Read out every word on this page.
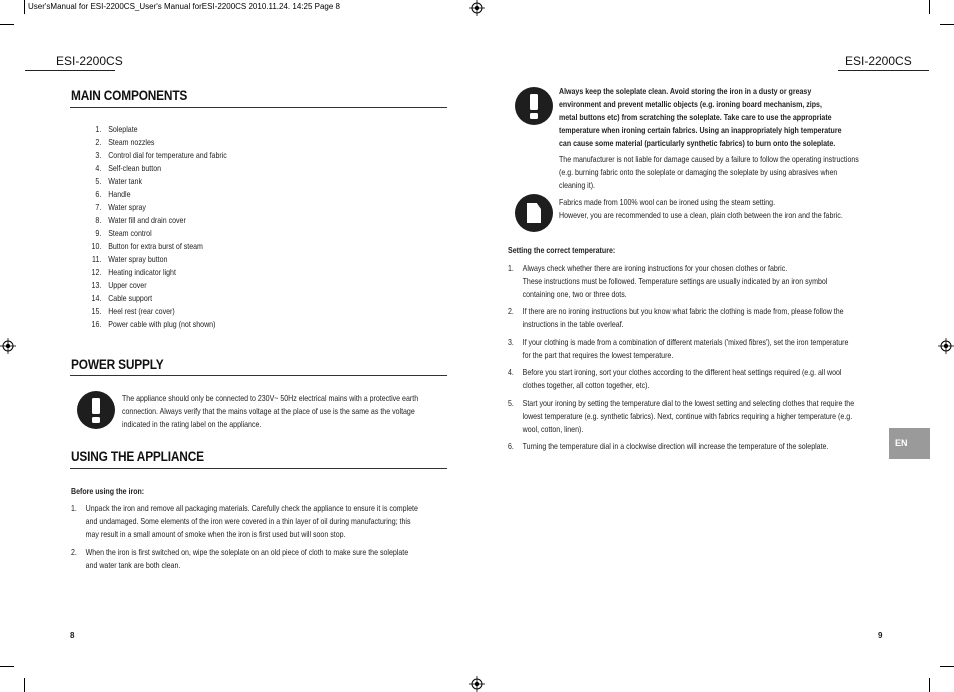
User'sManual for ESI-2200CS_User's Manual forESI-2200CS 2010.11.24. 14:25 Page 8
ESI-2200CS
MAIN COMPONENTS
1. Soleplate
2. Steam nozzles
3. Control dial for temperature and fabric
4. Self-clean button
5. Water tank
6. Handle
7. Water spray
8. Water fill and drain cover
9. Steam control
10. Button for extra burst of steam
11. Water spray button
12. Heating indicator light
13. Upper cover
14. Cable support
15. Heel rest (rear cover)
16. Power cable with plug (not shown)
POWER SUPPLY
The appliance should only be connected to 230V~ 50Hz electrical mains with a protective earth
connection. Always verify that the mains voltage at the place of use is the same as the voltage
indicated in the rating label on the appliance.
USING THE APPLIANCE
Before using the iron:
1. Unpack the iron and remove all packaging materials. Carefully check the appliance to ensure it is complete
and undamaged. Some elements of the iron were covered in a thin layer of oil during manufacturing; this
may result in a small amount of smoke when the iron is first used but will soon stop.
2. When the iron is first switched on, wipe the soleplate on an old piece of cloth to make sure the soleplate
and water tank are both clean.
8
ESI-2200CS
Always keep the soleplate clean. Avoid storing the iron in a dusty or greasy
environment and prevent metallic objects (e.g. ironing board mechanism, zips,
metal buttons etc) from scratching the soleplate. Take care to use the appropriate
temperature when ironing certain fabrics. Using an inappropriately high temperature
can cause some material (particularly synthetic fabrics) to burn onto the soleplate.
The manufacturer is not liable for damage caused by a failure to follow the operating instructions
(e.g. burning fabric onto the soleplate or damaging the soleplate by using abrasives when
cleaning it).
Fabrics made from 100% wool can be ironed using the steam setting.
However, you are recommended to use a clean, plain cloth between the iron and the fabric.
Setting the correct temperature:
1. Always check whether there are ironing instructions for your chosen clothes or fabric.
These instructions must be followed. Temperature settings are usually indicated by an iron symbol
containing one, two or three dots.
2. If there are no ironing instructions but you know what fabric the clothing is made from, please follow the
instructions in the table overleaf.
3. If your clothing is made from a combination of different materials ('mixed fibres'), set the iron temperature
for the part that requires the lowest temperature.
4. Before you start ironing, sort your clothes according to the different heat settings required (e.g. all wool
clothes together, all cotton together, etc).
5. Start your ironing by setting the temperature dial to the lowest setting and selecting clothes that require the
lowest temperature (e.g. synthetic fabrics). Next, continue with fabrics requiring a higher temperature (e.g.
wool, cotton, linen).
6. Turning the temperature dial in a clockwise direction will increase the temperature of the soleplate.	EN
9
